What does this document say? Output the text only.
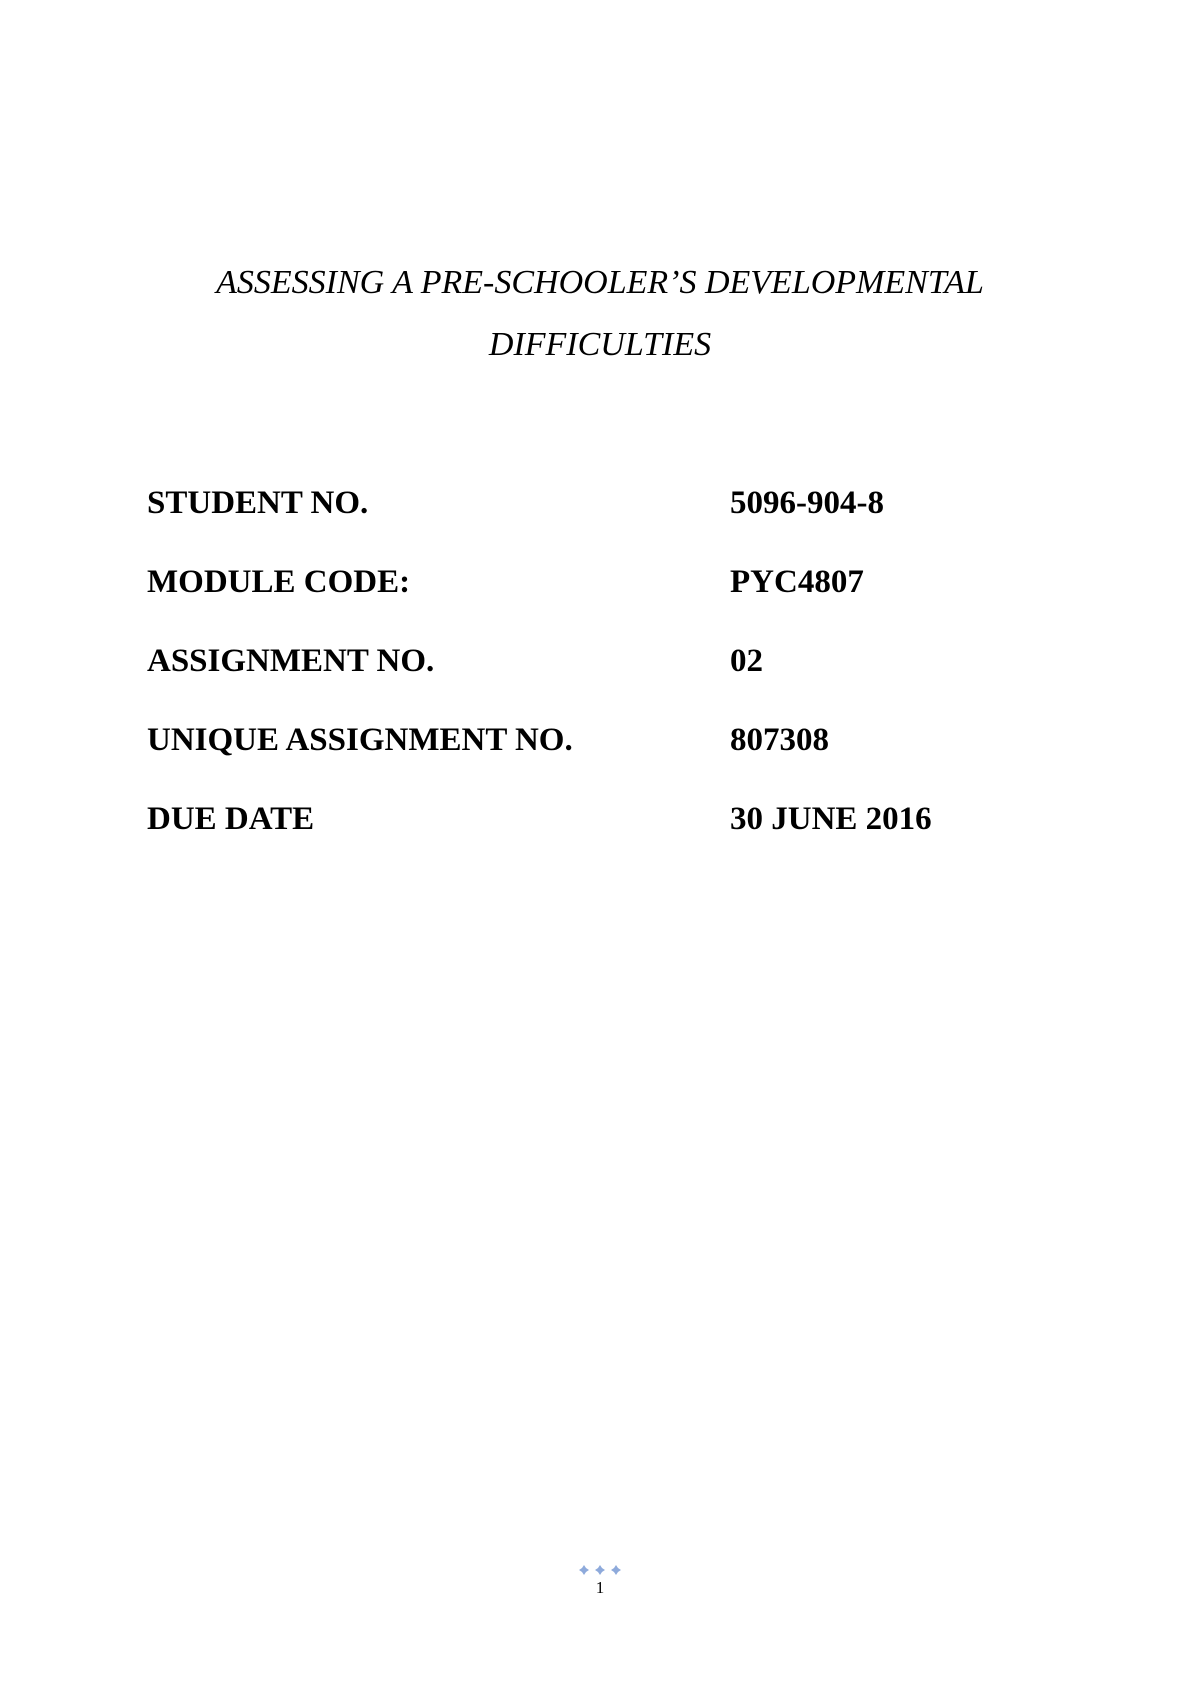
ASSESSING A PRE-SCHOOLER’S DEVELOPMENTAL
DIFFICULTIES
STUDENT NO.	5096-904-8
MODULE CODE:	PYC4807
ASSIGNMENT NO.	02
UNIQUE ASSIGNMENT NO.	807308
DUE DATE	30 JUNE 2016
1
